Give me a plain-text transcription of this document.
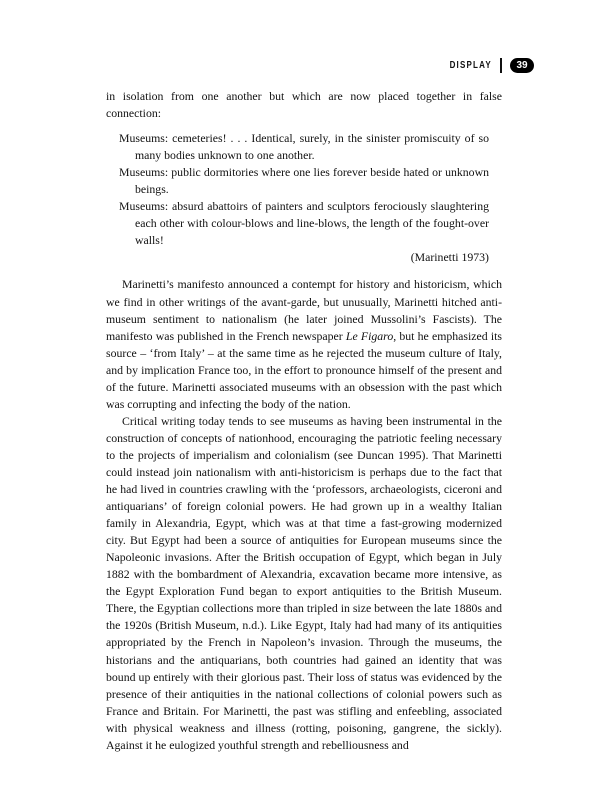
DISPLAY	39

in isolation from one another but which are now placed together in false connection:

Museums: cemeteries! . . . Identical, surely, in the sinister promiscuity of so many bodies unknown to one another.

Museums: public dormitories where one lies forever beside hated or unknown beings.

Museums: absurd abattoirs of painters and sculptors ferociously slaughtering each other with colour-blows and line-blows, the length of the fought-over walls!

(Marinetti 1973)

Marinetti’s manifesto announced a contempt for history and historicism, which we find in other writings of the avant-garde, but unusually, Marinetti hitched anti-museum sentiment to nationalism (he later joined Mussolini’s Fascists). The manifesto was published in the French newspaper Le Figaro, but he emphasized its source – ‘from Italy’ – at the same time as he rejected the museum culture of Italy, and by implication France too, in the effort to pronounce himself of the present and of the future. Marinetti associated museums with an obsession with the past which was corrupting and infecting the body of the nation.

Critical writing today tends to see museums as having been instrumental in the construction of concepts of nationhood, encouraging the patriotic feeling necessary to the projects of imperialism and colonialism (see Duncan 1995). That Marinetti could instead join nationalism with anti-historicism is perhaps due to the fact that he had lived in countries crawling with the ‘professors, archaeologists, ciceroni and antiquarians’ of foreign colonial powers. He had grown up in a wealthy Italian family in Alexandria, Egypt, which was at that time a fast-growing modernized city. But Egypt had been a source of antiquities for European museums since the Napoleonic invasions. After the British occupation of Egypt, which began in July 1882 with the bombardment of Alexandria, excavation became more intensive, as the Egypt Exploration Fund began to export antiquities to the British Museum. There, the Egyptian collections more than tripled in size between the late 1880s and the 1920s (British Museum, n.d.). Like Egypt, Italy had had many of its antiquities appropriated by the French in Napoleon’s invasion. Through the museums, the historians and the antiquarians, both countries had gained an identity that was bound up entirely with their glorious past. Their loss of status was evidenced by the presence of their antiquities in the national collections of colonial powers such as France and Britain. For Marinetti, the past was stifling and enfeebling, associated with physical weakness and illness (rotting, poisoning, gangrene, the sickly). Against it he eulogized youthful strength and rebelliousness and
